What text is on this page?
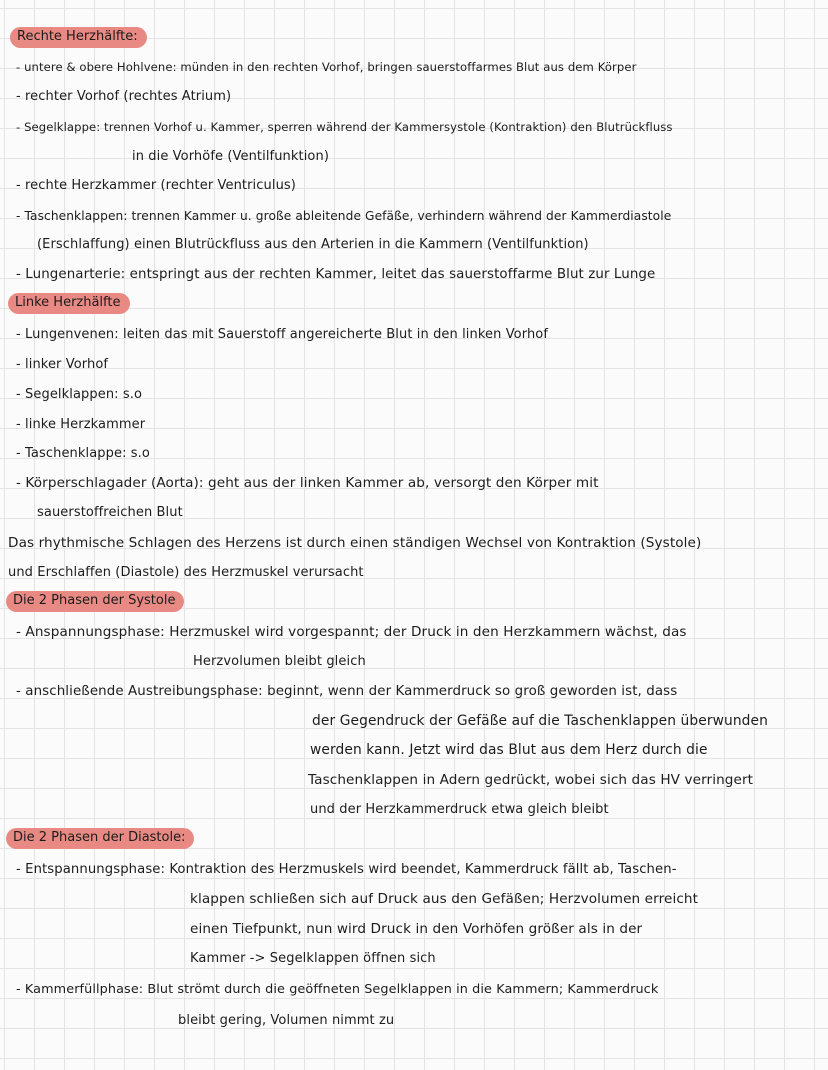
Rechte Herzhälfte:
- untere & obere Hohlvene: münden in den rechten Vorhof, bringen sauerstoffarmes Blut aus dem Körper
- rechter Vorhof (rechtes Atrium)
- Segelklappe: trennen Vorhof u. Kammer, sperren während der Kammersystole (Kontraktion) den Blutrückfluss
in die Vorhöfe (Ventilfunktion)
- rechte Herzkammer (rechter Ventriculus)
- Taschenklappen: trennen Kammer u. große ableitende Gefäße, verhindern während der Kammerdiastole
(Erschlaffung) einen Blutrückfluss aus den Arterien in die Kammern (Ventilfunktion)
- Lungenarterie: entspringt aus der rechten Kammer, leitet das sauerstoffarme Blut zur Lunge
Linke Herzhälfte
- Lungenvenen: leiten das mit Sauerstoff angereicherte Blut in den linken Vorhof
- linker Vorhof
- Segelklappen: s.o
- linke Herzkammer
- Taschenklappe: s.o
- Körperschlagader (Aorta): geht aus der linken Kammer ab, versorgt den Körper mit
sauerstoffreichen Blut
Das rhythmische Schlagen des Herzens ist durch einen ständigen Wechsel von Kontraktion (Systole)
und Erschlaffen (Diastole) des Herzmuskel verursacht
Die 2 Phasen der Systole
- Anspannungsphase: Herzmuskel wird vorgespannt; der Druck in den Herzkammern wächst, das
Herzvolumen bleibt gleich
- anschließende Austreibungsphase: beginnt, wenn der Kammerdruck so groß geworden ist, dass
der Gegendruck der Gefäße auf die Taschenklappen überwunden
werden kann. Jetzt wird das Blut aus dem Herz durch die
Taschenklappen in Adern gedrückt, wobei sich das HV verringert
und der Herzkammerdruck etwa gleich bleibt
Die 2 Phasen der Diastole:
- Entspannungsphase: Kontraktion des Herzmuskels wird beendet, Kammerdruck fällt ab, Taschen-
klappen schließen sich auf Druck aus den Gefäßen; Herzvolumen erreicht
einen Tiefpunkt, nun wird Druck in den Vorhöfen größer als in der
Kammer -> Segelklappen öffnen sich
- Kammerfüllphase: Blut strömt durch die geöffneten Segelklappen in die Kammern; Kammerdruck
bleibt gering, Volumen nimmt zu
